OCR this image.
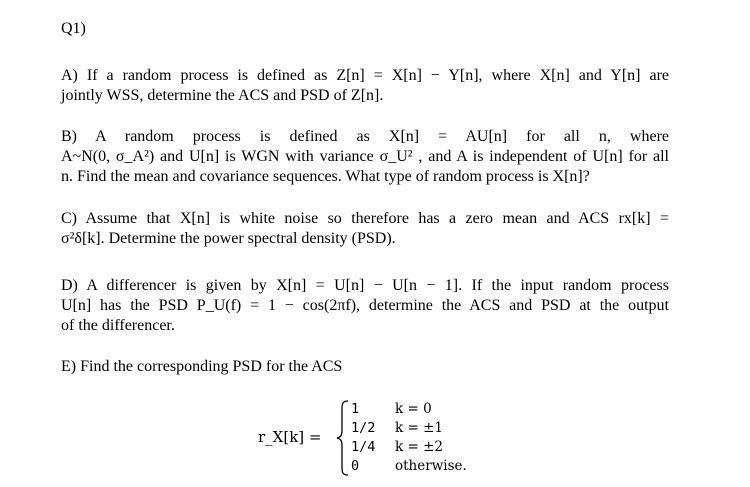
Q1)
A) If a random process is defined as Z[n] = X[n] − Y[n], where X[n] and Y[n] are
jointly WSS, determine the ACS and PSD of Z[n].
B) A random process is defined as X[n] = AU[n] for all n, where
A~N(0, σ_A²) and U[n] is WGN with variance σ_U² , and A is independent of U[n] for all
n. Find the mean and covariance sequences. What type of random process is X[n]?
C) Assume that X[n] is white noise so therefore has a zero mean and ACS rx[k] =
σ²δ[k]. Determine the power spectral density (PSD).
D) A differencer is given by X[n] = U[n] − U[n − 1]. If the input random process
U[n] has the PSD P_U(f) = 1 − cos(2πf), determine the ACS and PSD at the output
of the differencer.
E) Find the corresponding PSD for the ACS
r_X[k] =
1	k = 0
1/2 k = ±1
1/4 k = ±2
0	otherwise.
